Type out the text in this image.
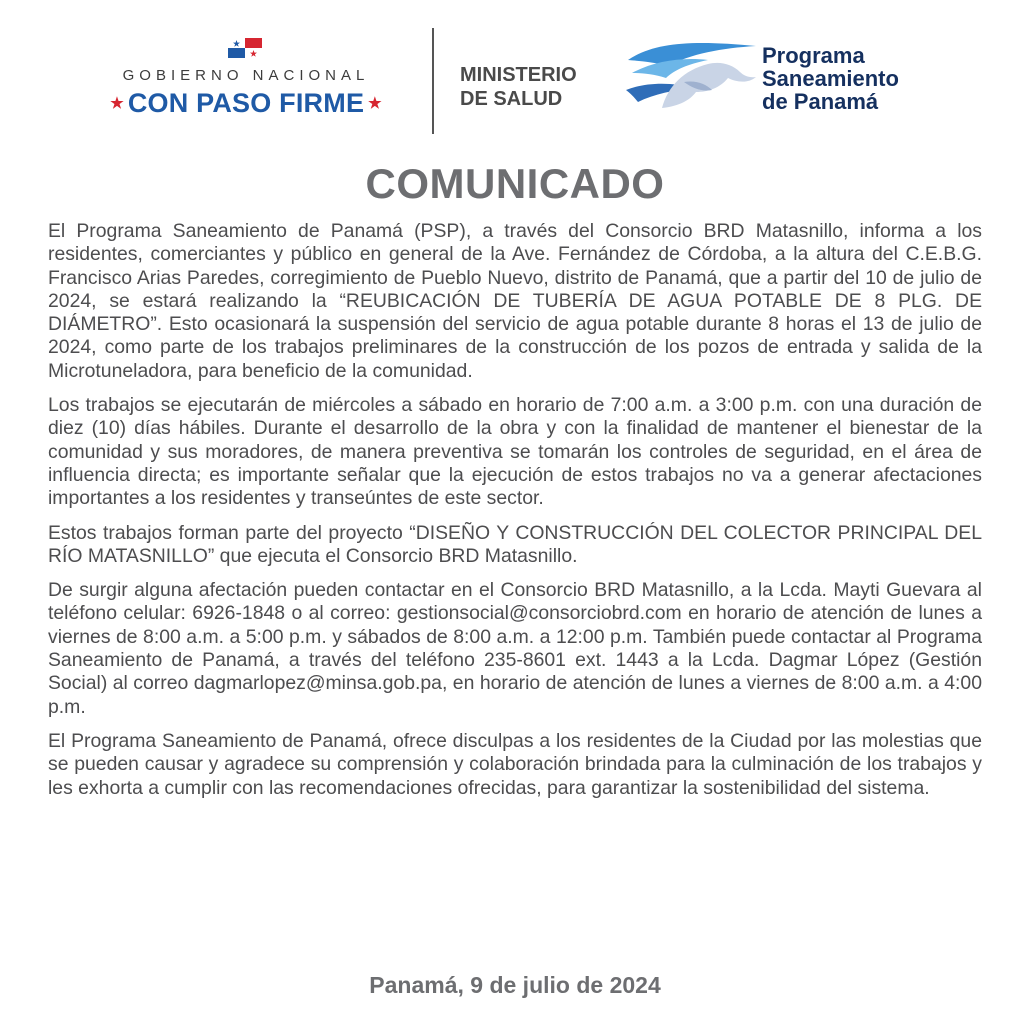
GOBIERNO NACIONAL
★ CON PASO FIRME ★
MINISTERIO
DE SALUD
Programa
Saneamiento
de Panamá
COMUNICADO

El Programa Saneamiento de Panamá (PSP), a través del Consorcio BRD Matasnillo, informa a los residentes, comerciantes y público en general de la Ave. Fernández de Córdoba, a la altura del C.E.B.G. Francisco Arias Paredes, corregimiento de Pueblo Nuevo, distrito de Panamá, que a partir del 10 de julio de 2024, se estará realizando la “REUBICACIÓN DE TUBERÍA DE AGUA POTABLE DE 8 PLG. DE DIÁMETRO”. Esto ocasionará la suspensión del servicio de agua potable durante 8 horas el 13 de julio de 2024, como parte de los trabajos preliminares de la construcción de los pozos de entrada y salida de la Microtuneladora, para beneficio de la comunidad.

Los trabajos se ejecutarán de miércoles a sábado en horario de 7:00 a.m. a 3:00 p.m. con una duración de diez (10) días hábiles. Durante el desarrollo de la obra y con la finalidad de mantener el bienestar de la comunidad y sus moradores, de manera preventiva se tomarán los controles de seguridad, en el área de influencia directa; es importante señalar que la ejecución de estos trabajos no va a generar afectaciones importantes a los residentes y transeúntes de este sector.

Estos trabajos forman parte del proyecto “DISEÑO Y CONSTRUCCIÓN DEL COLECTOR PRINCIPAL DEL RÍO MATASNILLO” que ejecuta el Consorcio BRD Matasnillo.

De surgir alguna afectación pueden contactar en el Consorcio BRD Matasnillo, a la Lcda. Mayti Guevara al teléfono celular: 6926-1848 o al correo: gestionsocial@consorciobrd.com en horario de atención de lunes a viernes de 8:00 a.m. a 5:00 p.m. y sábados de 8:00 a.m. a 12:00 p.m. También puede contactar al Programa Saneamiento de Panamá, a través del teléfono 235-8601 ext. 1443 a la Lcda. Dagmar López (Gestión Social) al correo dagmarlopez@minsa.gob.pa, en horario de atención de lunes a viernes de 8:00 a.m. a 4:00 p.m.

El Programa Saneamiento de Panamá, ofrece disculpas a los residentes de la Ciudad por las molestias que se pueden causar y agradece su comprensión y colaboración brindada para la culminación de los trabajos y les exhorta a cumplir con las recomendaciones ofrecidas, para garantizar la sostenibilidad del sistema.

Panamá, 9 de julio de 2024
